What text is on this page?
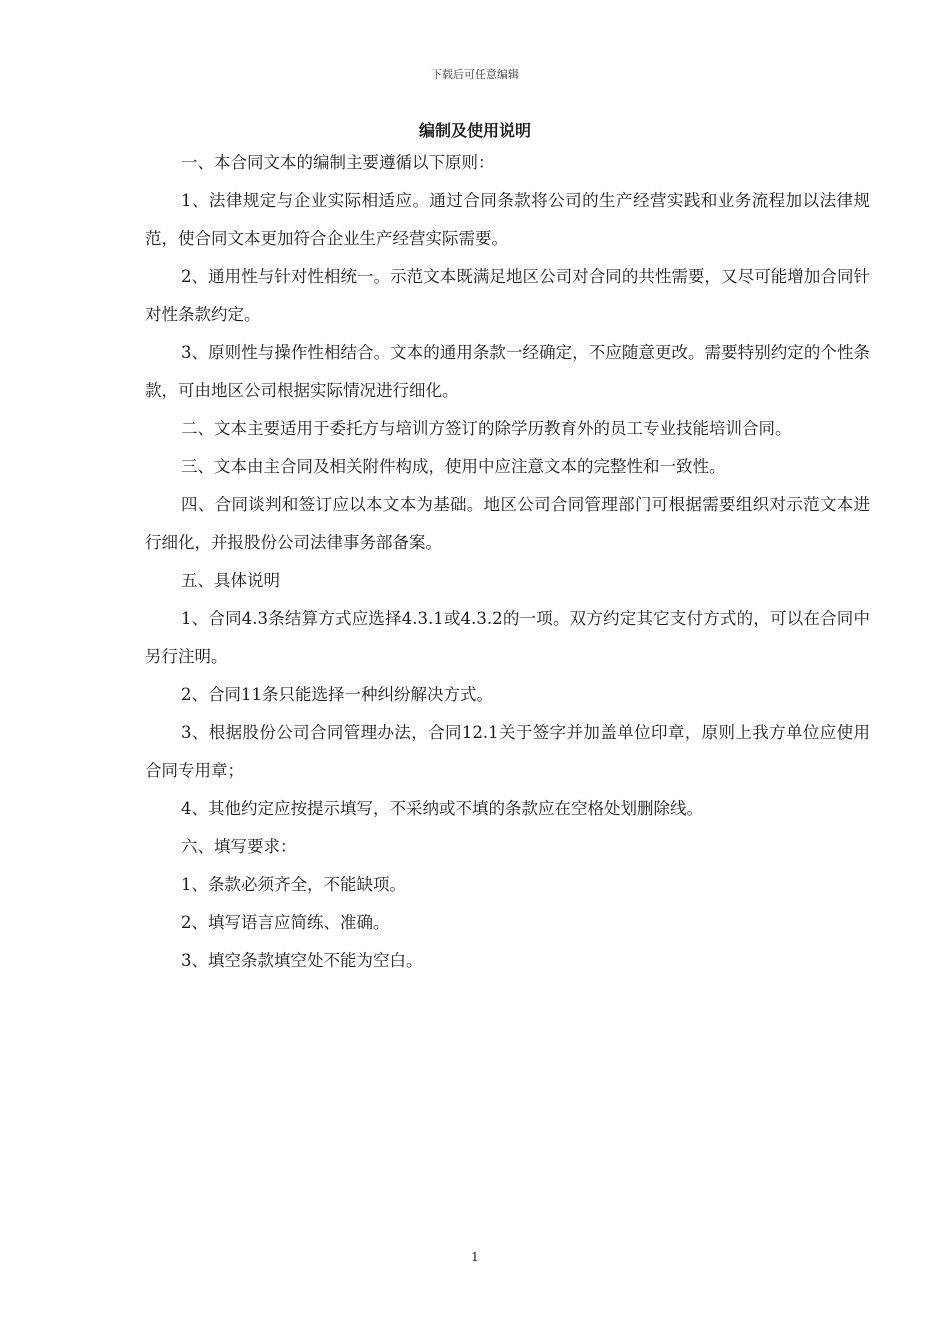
下载后可任意编辑
编制及使用说明

一、本合同文本的编制主要遵循以下原则：

1、法律规定与企业实际相适应。通过合同条款将公司的生产经营实践和业务流程加以法律规范，使合同文本更加符合企业生产经营实际需要。

2、通用性与针对性相统一。示范文本既满足地区公司对合同的共性需要，又尽可能增加合同针对性条款约定。

3、原则性与操作性相结合。文本的通用条款一经确定，不应随意更改。需要特别约定的个性条款，可由地区公司根据实际情况进行细化。

二、文本主要适用于委托方与培训方签订的除学历教育外的员工专业技能培训合同。

三、文本由主合同及相关附件构成，使用中应注意文本的完整性和一致性。

四、合同谈判和签订应以本文本为基础。地区公司合同管理部门可根据需要组织对示范文本进行细化，并报股份公司法律事务部备案。

五、具体说明

1、合同4.3条结算方式应选择4.3.1或4.3.2的一项。双方约定其它支付方式的，可以在合同中另行注明。

2、合同11条只能选择一种纠纷解决方式。

3、根据股份公司合同管理办法，合同12.1关于签字并加盖单位印章，原则上我方单位应使用合同专用章；

4、其他约定应按提示填写，不采纳或不填的条款应在空格处划删除线。

六、填写要求：

1、条款必须齐全，不能缺项。

2、填写语言应简练、准确。

3、填空条款填空处不能为空白。

1
